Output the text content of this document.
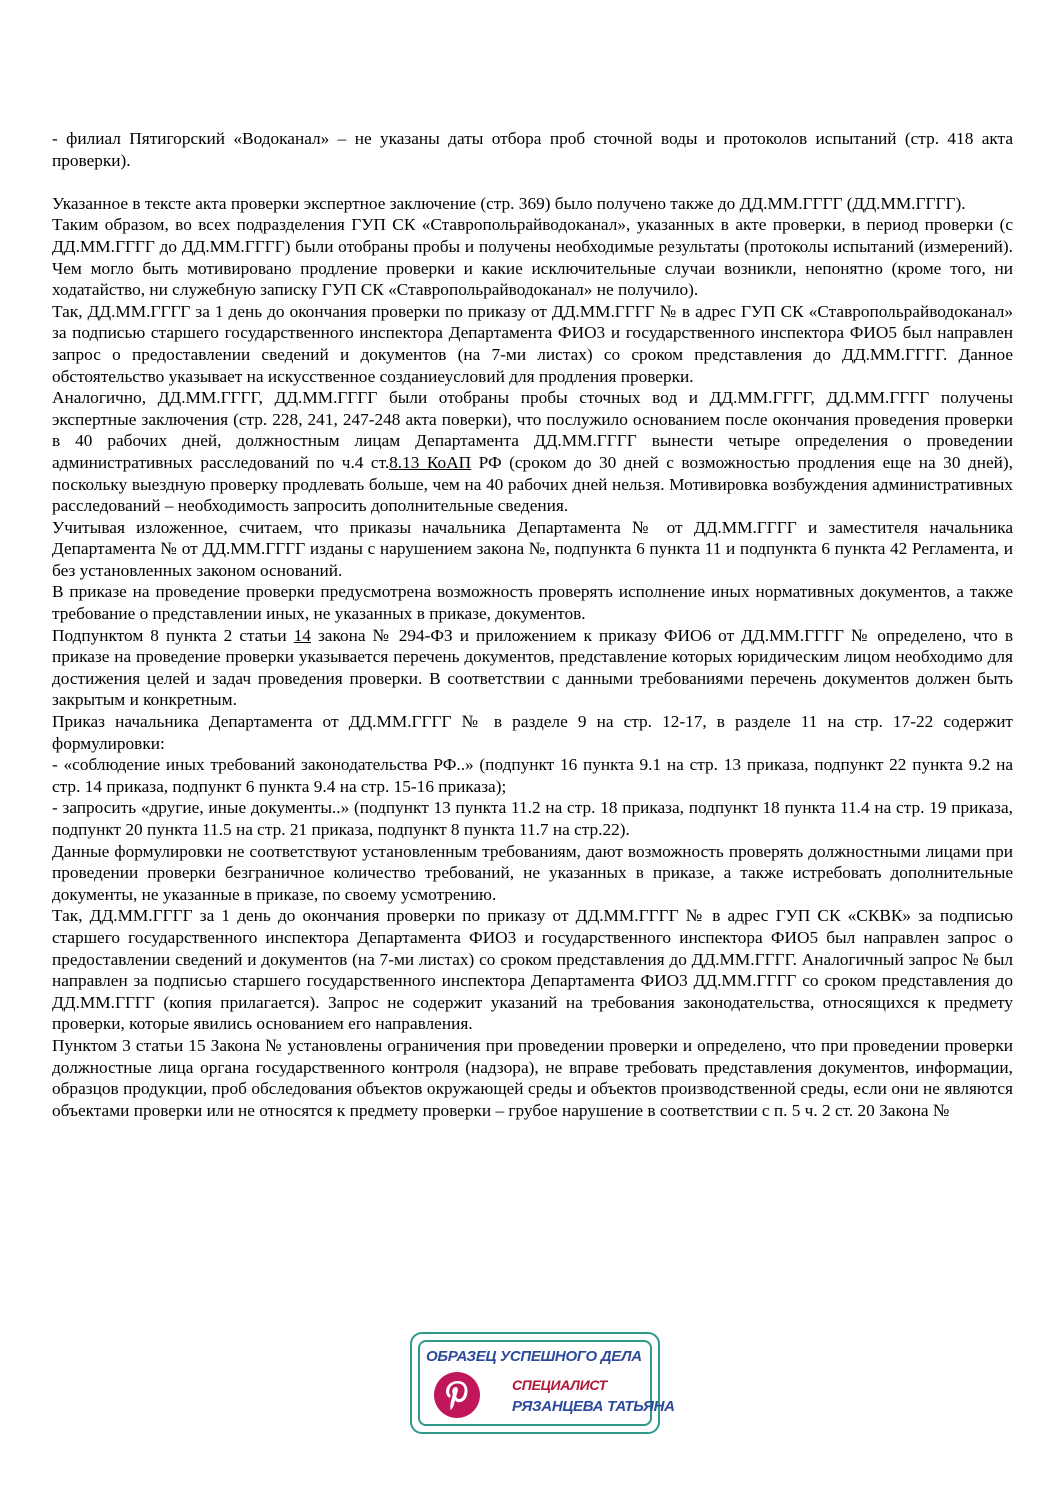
- филиал Пятигорский «Водоканал» – не указаны даты отбора проб сточной воды и протоколов испытаний (стр. 418 акта проверки).

Указанное в тексте акта проверки экспертное заключение (стр. 369) было получено также до ДД.ММ.ГГГГ (ДД.ММ.ГГГГ).

Таким образом, во всех подразделения ГУП СК «Ставропольрайводоканал», указанных в акте проверки, в период проверки (с ДД.ММ.ГГГГ до ДД.ММ.ГГГГ) были отобраны пробы и получены необходимые результаты (протоколы испытаний (измерений). Чем могло быть мотивировано продление проверки и какие исключительные случаи возникли, непонятно (кроме того, ни ходатайство, ни служебную записку ГУП СК «Ставропольрайводоканал» не получило).

Так, ДД.ММ.ГГГГ за 1 день до окончания проверки по приказу от ДД.ММ.ГГГГ № в адрес ГУП СК «Ставропольрайводоканал» за подписью старшего государственного инспектора Департамента ФИО3 и государственного инспектора ФИО5 был направлен запрос о предоставлении сведений и документов (на 7-ми листах) со сроком представления до ДД.ММ.ГГГГ. Данное обстоятельство указывает на искусственное созданиеусловий для продления проверки.

Аналогично, ДД.ММ.ГГГГ, ДД.ММ.ГГГГ были отобраны пробы сточных вод и ДД.ММ.ГГГГ, ДД.ММ.ГГГГ получены экспертные заключения (стр. 228, 241, 247-248 акта поверки), что послужило основанием после окончания проведения проверки в 40 рабочих дней, должностным лицам Департамента ДД.ММ.ГГГГ вынести четыре определения о проведении административных расследований по ч.4 ст.8.13 КоАП РФ (сроком до 30 дней с возможностью продления еще на 30 дней), поскольку выездную проверку продлевать больше, чем на 40 рабочих дней нельзя. Мотивировка возбуждения административных расследований – необходимость запросить дополнительные сведения.

Учитывая изложенное, считаем, что приказы начальника Департамента № от ДД.ММ.ГГГГ и заместителя начальника Департамента № от ДД.ММ.ГГГГ изданы с нарушением закона №, подпункта 6 пункта 11 и подпункта 6 пункта 42 Регламента, и без установленных законом оснований.

В приказе на проведение проверки предусмотрена возможность проверять исполнение иных нормативных документов, а также требование о представлении иных, не указанных в приказе, документов.

Подпунктом 8 пункта 2 статьи 14 закона № 294-ФЗ и приложением к приказу ФИО6 от ДД.ММ.ГГГГ № определено, что в приказе на проведение проверки указывается перечень документов, представление которых юридическим лицом необходимо для достижения целей и задач проведения проверки. В соответствии с данными требованиями перечень документов должен быть закрытым и конкретным.

Приказ начальника Департамента от ДД.ММ.ГГГГ № в разделе 9 на стр. 12-17, в разделе 11 на стр. 17-22 содержит формулировки:

- «соблюдение иных требований законодательства РФ..» (подпункт 16 пункта 9.1 на стр. 13 приказа, подпункт 22 пункта 9.2 на стр. 14 приказа, подпункт 6 пункта 9.4 на стр. 15-16 приказа);

- запросить «другие, иные документы..» (подпункт 13 пункта 11.2 на стр. 18 приказа, подпункт 18 пункта 11.4 на стр. 19 приказа, подпункт 20 пункта 11.5 на стр. 21 приказа, подпункт 8 пункта 11.7 на стр.22).

Данные формулировки не соответствуют установленным требованиям, дают возможность проверять должностными лицами при проведении проверки безграничное количество требований, не указанных в приказе, а также истребовать дополнительные документы, не указанные в приказе, по своему усмотрению.

Так, ДД.ММ.ГГГГ за 1 день до окончания проверки по приказу от ДД.ММ.ГГГГ № в адрес ГУП СК «СКВК» за подписью старшего государственного инспектора Департамента ФИО3 и государственного инспектора ФИО5 был направлен запрос о предоставлении сведений и документов (на 7-ми листах) со сроком представления до ДД.ММ.ГГГГ. Аналогичный запрос № был направлен за подписью старшего государственного инспектора Департамента ФИО3 ДД.ММ.ГГГГ со сроком представления до ДД.ММ.ГГГГ (копия прилагается). Запрос не содержит указаний на требования законодательства, относящихся к предмету проверки, которые явились основанием его направления.

Пунктом 3 статьи 15 Закона № установлены ограничения при проведении проверки и определено, что при проведении проверки должностные лица органа государственного контроля (надзора), не вправе требовать представления документов, информации, образцов продукции, проб обследования объектов окружающей среды и объектов производственной среды, если они не являются объектами проверки или не относятся к предмету проверки – грубое нарушение в соответствии с п. 5 ч. 2 ст. 20 Закона №

ОБРАЗЕЦ УСПЕШНОГО ДЕЛА
СПЕЦИАЛИСТ
РЯЗАНЦЕВА ТАТЬЯНА
